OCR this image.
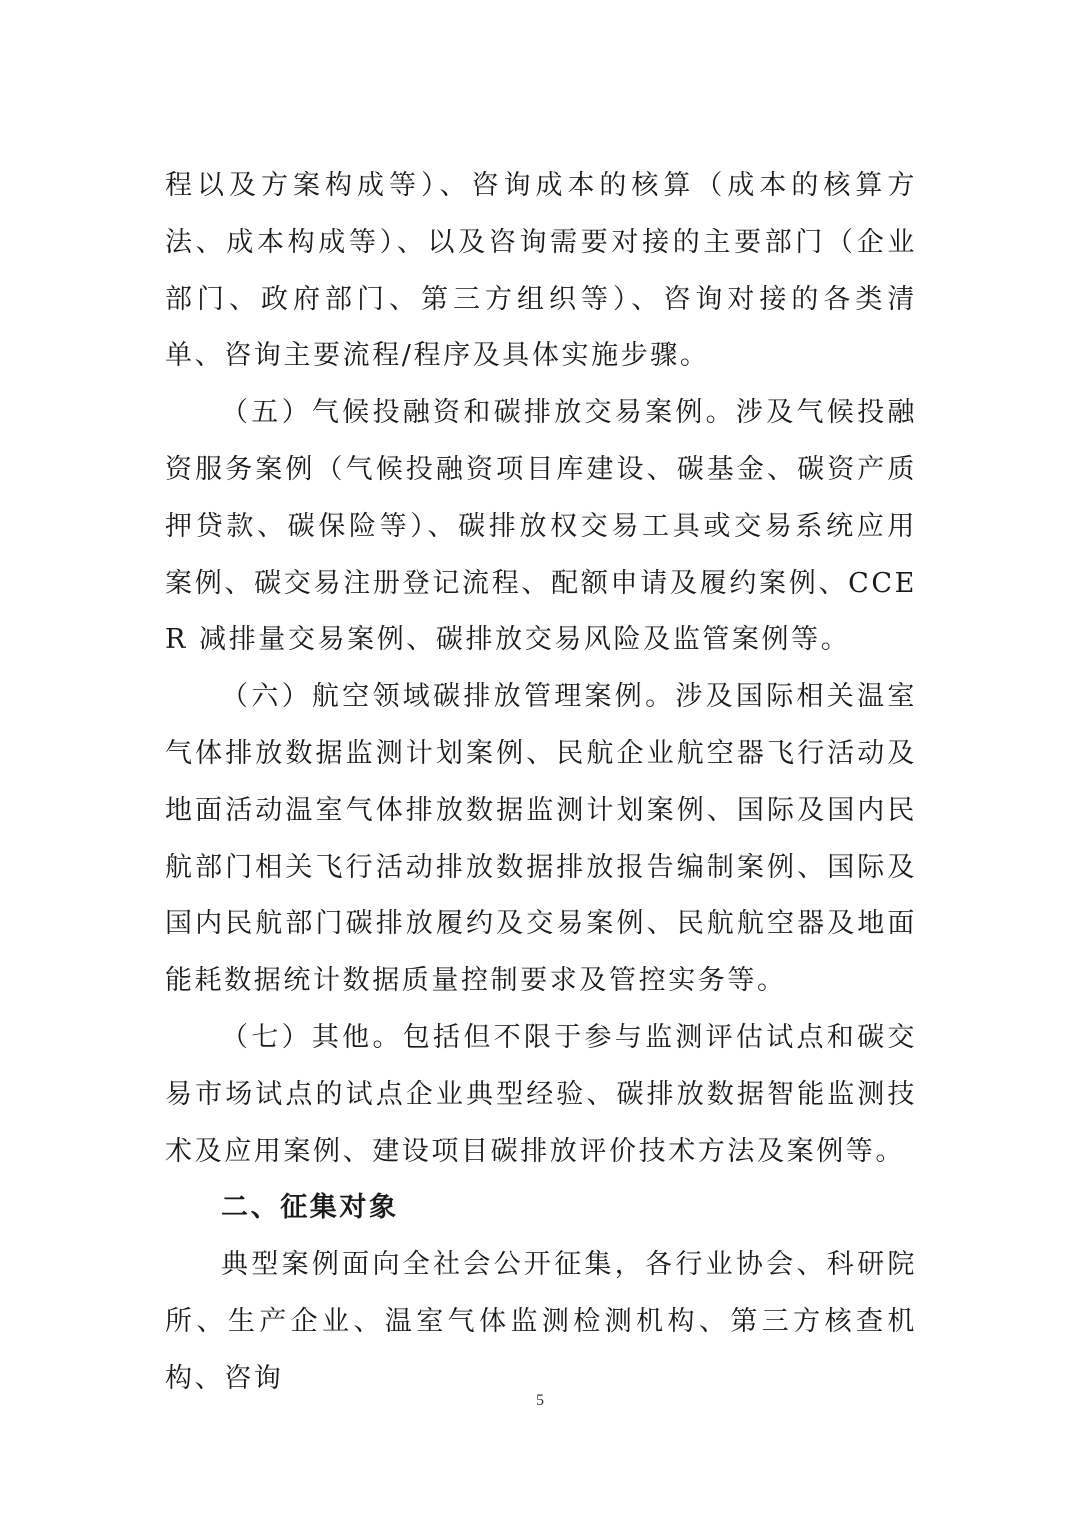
程以及方案构成等）、咨询成本的核算（成本的核算方法、成本构成等）、以及咨询需要对接的主要部门（企业部门、政府部门、第三方组织等）、咨询对接的各类清单、咨询主要流程/程序及具体实施步骤。

（五）气候投融资和碳排放交易案例。涉及气候投融资服务案例（气候投融资项目库建设、碳基金、碳资产质押贷款、碳保险等）、碳排放权交易工具或交易系统应用案例、碳交易注册登记流程、配额申请及履约案例、CCER 减排量交易案例、碳排放交易风险及监管案例等。

（六）航空领域碳排放管理案例。涉及国际相关温室气体排放数据监测计划案例、民航企业航空器飞行活动及地面活动温室气体排放数据监测计划案例、国际及国内民航部门相关飞行活动排放数据排放报告编制案例、国际及国内民航部门碳排放履约及交易案例、民航航空器及地面能耗数据统计数据质量控制要求及管控实务等。

（七）其他。包括但不限于参与监测评估试点和碳交易市场试点的试点企业典型经验、碳排放数据智能监测技术及应用案例、建设项目碳排放评价技术方法及案例等。

二、征集对象

典型案例面向全社会公开征集，各行业协会、科研院所、生产企业、温室气体监测检测机构、第三方核查机构、咨询

5
